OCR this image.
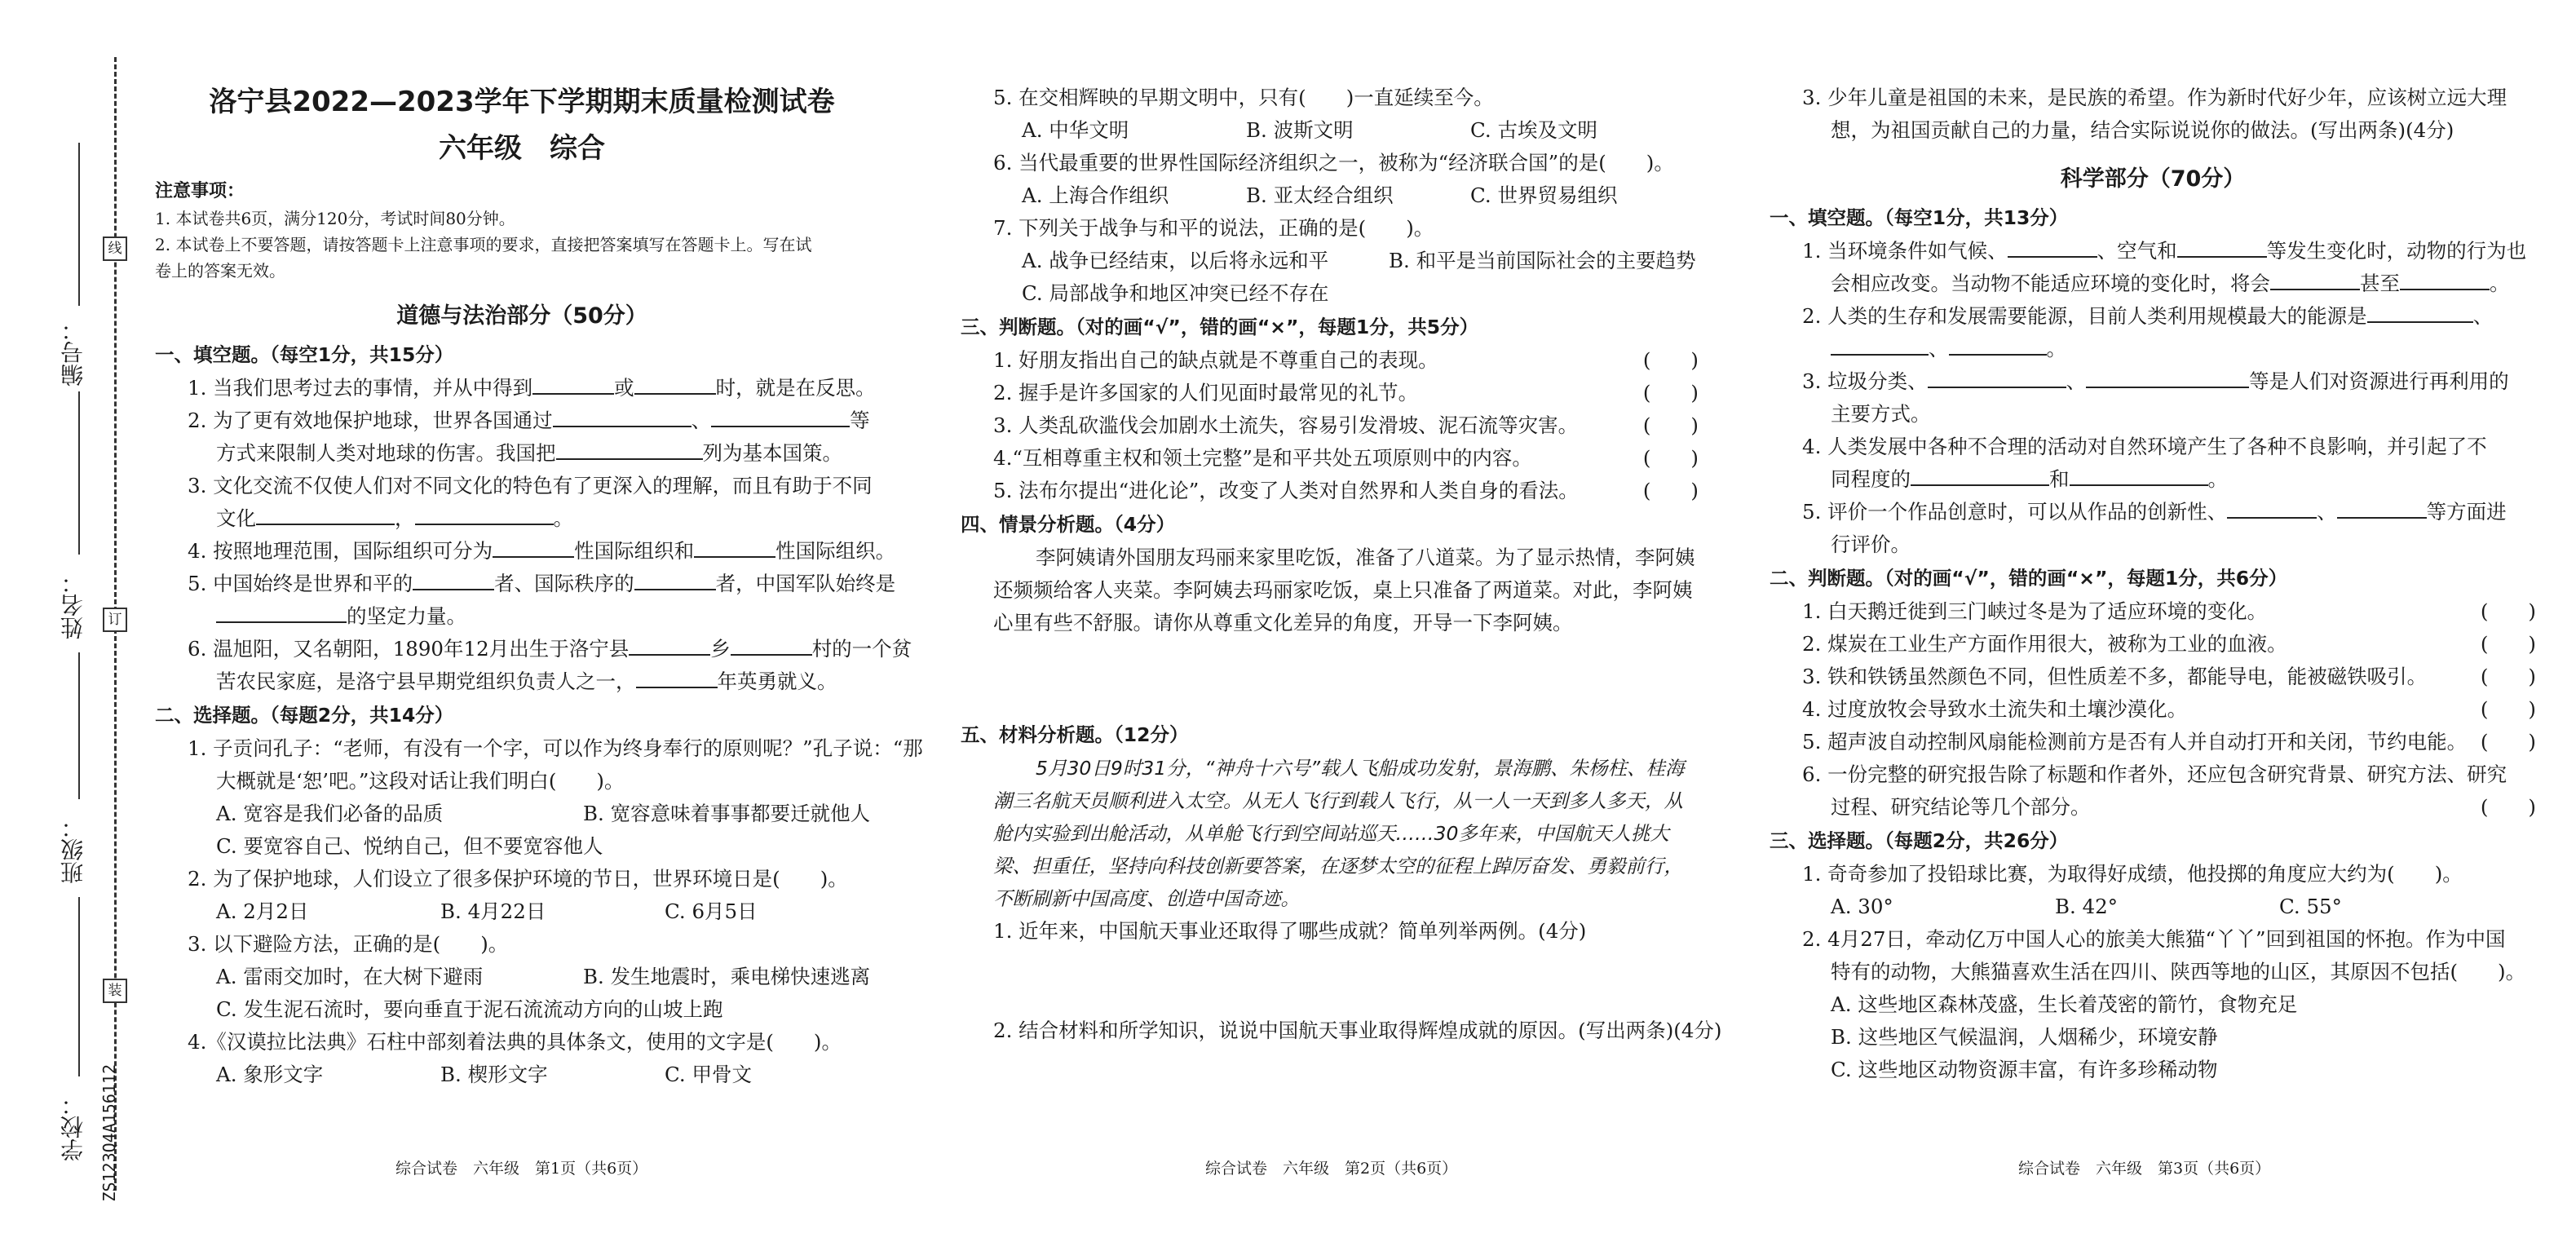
线
订
装
编号：
姓名：
班级：
学校： ZS123Q4A156112

洛宁县2022—2023学年下学期期末质量检测试卷

六年级　综合

注意事项：

1. 本试卷共6页，满分120分，考试时间80分钟。

2. 本试卷上不要答题，请按答题卡上注意事项的要求，直接把答案填写在答题卡上。写在试

卷上的答案无效。

道德与法治部分（50分）

一、填空题。（每空1分，共15分）

1. 当我们思考过去的事情，并从中得到	或	时，就是在反思。

2. 为了更有效地保护地球，世界各国通过	、	等

方式来限制人类对地球的伤害。我国把	列为基本国策。

3. 文化交流不仅使人们对不同文化的特色有了更深入的理解，而且有助于不同

文化	，	。

4. 按照地理范围，国际组织可分为	性国际组织和	性国际组织。

5. 中国始终是世界和平的	者、国际秩序的	者，中国军队始终是

的坚定力量。

6. 温旭阳，又名朝阳，1890年12月出生于洛宁县	乡	村的一个贫

苦农民家庭，是洛宁县早期党组织负责人之一，	年英勇就义。

二、选择题。（每题2分，共14分）

1. 子贡问孔子：“老师，有没有一个字，可以作为终身奉行的原则呢？”孔子说：“那

大概就是‘恕’吧。”这段对话让我们明白(　　)。

A. 宽容是我们必备的品质	B. 宽容意味着事事都要迁就他人

C. 要宽容自己、悦纳自己，但不要宽容他人

2. 为了保护地球，人们设立了很多保护环境的节日，世界环境日是(　　)。

A. 2月2日	B. 4月22日	C. 6月5日

3. 以下避险方法，正确的是(　　)。

A. 雷雨交加时，在大树下避雨	B. 发生地震时，乘电梯快速逃离

C. 发生泥石流时，要向垂直于泥石流流动方向的山坡上跑

4.《汉谟拉比法典》石柱中部刻着法典的具体条文，使用的文字是(　　)。

A. 象形文字	B. 楔形文字	C. 甲骨文

5. 在交相辉映的早期文明中，只有(　　)一直延续至今。

A. 中华文明	B. 波斯文明	C. 古埃及文明

6. 当代最重要的世界性国际经济组织之一，被称为“经济联合国”的是(　　)。

A. 上海合作组织	B. 亚太经合组织	C. 世界贸易组织

7. 下列关于战争与和平的说法，正确的是(　　)。

A. 战争已经结束，以后将永远和平	B. 和平是当前国际社会的主要趋势

C. 局部战争和地区冲突已经不存在

三、判断题。（对的画“√”，错的画“×”，每题1分，共5分）

1. 好朋友指出自己的缺点就是不尊重自己的表现。	(　　)

2. 握手是许多国家的人们见面时最常见的礼节。	(　　)

3. 人类乱砍滥伐会加剧水土流失，容易引发滑坡、泥石流等灾害。	(　　)

4.“互相尊重主权和领土完整”是和平共处五项原则中的内容。	(　　)

5. 法布尔提出“进化论”，改变了人类对自然界和人类自身的看法。	(　　)

四、情景分析题。（4分）

李阿姨请外国朋友玛丽来家里吃饭，准备了八道菜。为了显示热情，李阿姨还频频给客人夹菜。李阿姨去玛丽家吃饭，桌上只准备了两道菜。对此，李阿姨心里有些不舒服。请你从尊重文化差异的角度，开导一下李阿姨。

五、材料分析题。（12分）

5月30日9时31分，“神舟十六号”载人飞船成功发射，景海鹏、朱杨柱、桂海潮三名航天员顺利进入太空。从无人飞行到载人飞行，从一人一天到多人多天，从舱内实验到出舱活动，从单舱飞行到空间站巡天……30多年来，中国航天人挑大梁、担重任，坚持向科技创新要答案，在逐梦太空的征程上踔厉奋发、勇毅前行，不断刷新中国高度、创造中国奇迹。

1. 近年来，中国航天事业还取得了哪些成就？简单列举两例。(4分)

2. 结合材料和所学知识，说说中国航天事业取得辉煌成就的原因。(写出两条)(4分)

3. 少年儿童是祖国的未来，是民族的希望。作为新时代好少年，应该树立远大理

想，为祖国贡献自己的力量，结合实际说说你的做法。(写出两条)(4分)

科学部分（70分）

一、填空题。（每空1分，共13分）

1. 当环境条件如气候、	、空气和	等发生变化时，动物的行为也

会相应改变。当动物不能适应环境的变化时，将会	甚至	。

2. 人类的生存和发展需要能源，目前人类利用规模最大的能源是	、

、	。

3. 垃圾分类、	、	等是人们对资源进行再利用的

主要方式。

4. 人类发展中各种不合理的活动对自然环境产生了各种不良影响，并引起了不

同程度的	和	。

5. 评价一个作品创意时，可以从作品的创新性、	、	等方面进

行评价。

二、判断题。（对的画“√”，错的画“×”，每题1分，共6分）

1. 白天鹅迁徙到三门峡过冬是为了适应环境的变化。	(　　)

2. 煤炭在工业生产方面作用很大，被称为工业的血液。	(　　)

3. 铁和铁锈虽然颜色不同，但性质差不多，都能导电，能被磁铁吸引。	(　　)

4. 过度放牧会导致水土流失和土壤沙漠化。	(　　)

5. 超声波自动控制风扇能检测前方是否有人并自动打开和关闭，节约电能。 (　　)

6. 一份完整的研究报告除了标题和作者外，还应包含研究背景、研究方法、研究

过程、研究结论等几个部分。	(　　)

三、选择题。（每题2分，共26分）

1. 奇奇参加了投铅球比赛，为取得好成绩，他投掷的角度应大约为(　　)。

A. 30°	B. 42°	C. 55°

2. 4月27日，牵动亿万中国人心的旅美大熊猫“丫丫”回到祖国的怀抱。作为中国

特有的动物，大熊猫喜欢生活在四川、陕西等地的山区，其原因不包括(　　)。

A. 这些地区森林茂盛，生长着茂密的箭竹，食物充足

B. 这些地区气候温润，人烟稀少，环境安静

C. 这些地区动物资源丰富，有许多珍稀动物

综合试卷　六年级　第1页（共6页）	综合试卷　六年级　第2页（共6页）	综合试卷　六年级　第3页（共6页）
